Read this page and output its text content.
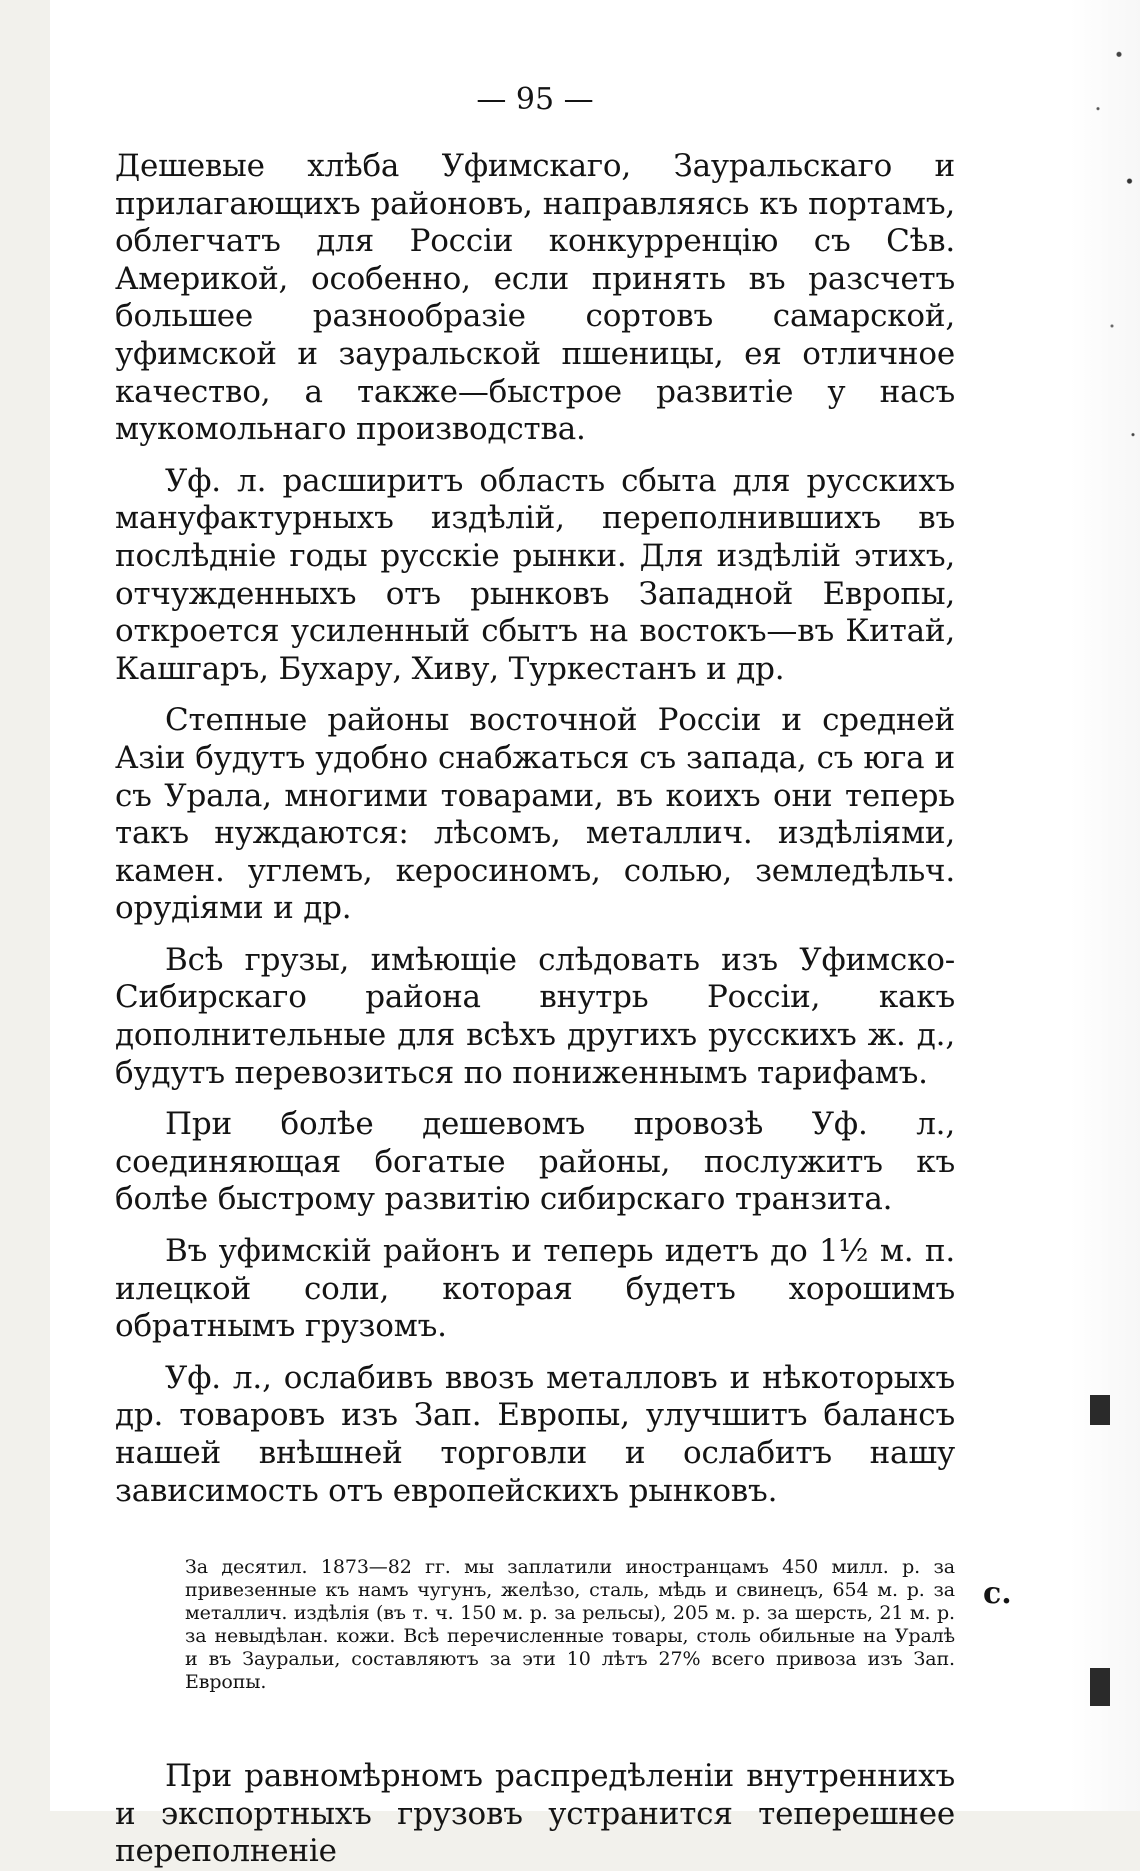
— 95 —

Дешевые хлѣба Уфимскаго, Зауральскаго и прилагающихъ районовъ, направляясь къ портамъ, облегчатъ для Россіи конкурренцію съ Сѣв. Америкой, особенно, если принять въ разсчетъ большее разнообразіе сортовъ самарской, уфимской и зауральской пшеницы, ея отличное качество, а также—быстрое развитіе у насъ мукомольнаго производства.

Уф. л. расширитъ область сбыта для русскихъ мануфактурныхъ издѣлій, переполнившихъ въ послѣдніе годы русскіе рынки. Для издѣлій этихъ, отчужденныхъ отъ рынковъ Западной Европы, откроется усиленный сбытъ на востокъ—въ Китай, Кашгаръ, Бухару, Хиву, Туркестанъ и др.

Степные районы восточной Россіи и средней Азіи будутъ удобно снабжаться съ запада, съ юга и съ Урала, многими товарами, въ коихъ они теперь такъ нуждаются: лѣсомъ, металлич. издѣліями, камен. углемъ, керосиномъ, солью, землед​ѣльч. орудіями и др.

Всѣ грузы, имѣющіе слѣдовать изъ Уфимско-Сибирскаго района внутрь Россіи, какъ дополнительные для всѣхъ другихъ русскихъ ж. д., будутъ перевозиться по пониженнымъ тарифамъ.

При болѣе дешевомъ провозѣ Уф. л., соединяющая богатые районы, послужитъ къ болѣе быстрому развитію сибирскаго транзита.

Въ уфимскій районъ и теперь идетъ до 1½ м. п. илецкой соли, которая будетъ хорошимъ обратнымъ грузомъ.

Уф. л., ослабивъ ввозъ металловъ и нѣкоторыхъ др. товаровъ изъ Зап. Европы, улучшитъ балансъ нашей внѣшней торговли и ослабитъ нашу зависимость отъ европейскихъ рынковъ.

За десятил. 1873—82 гг. мы заплатили иностранцамъ 450 милл. р. за привезенные къ намъ чугунъ, желѣзо, сталь, мѣдь и свинецъ, 654 м. р. за металлич. издѣлія (въ т. ч. 150 м. р. за рельсы), 205 м. р. за шерсть, 21 м. р. за невыдѣлан. кожи. Всѣ перечисленные товары, столь обильные на Уралѣ и въ Зауральи, составляютъ за эти 10 лѣтъ 27% всего привоза изъ Зап. Европы.

При равномѣрномъ распредѣленіи внутреннихъ и экспортныхъ грузовъ устранится теперешнее переполненіе

с.
